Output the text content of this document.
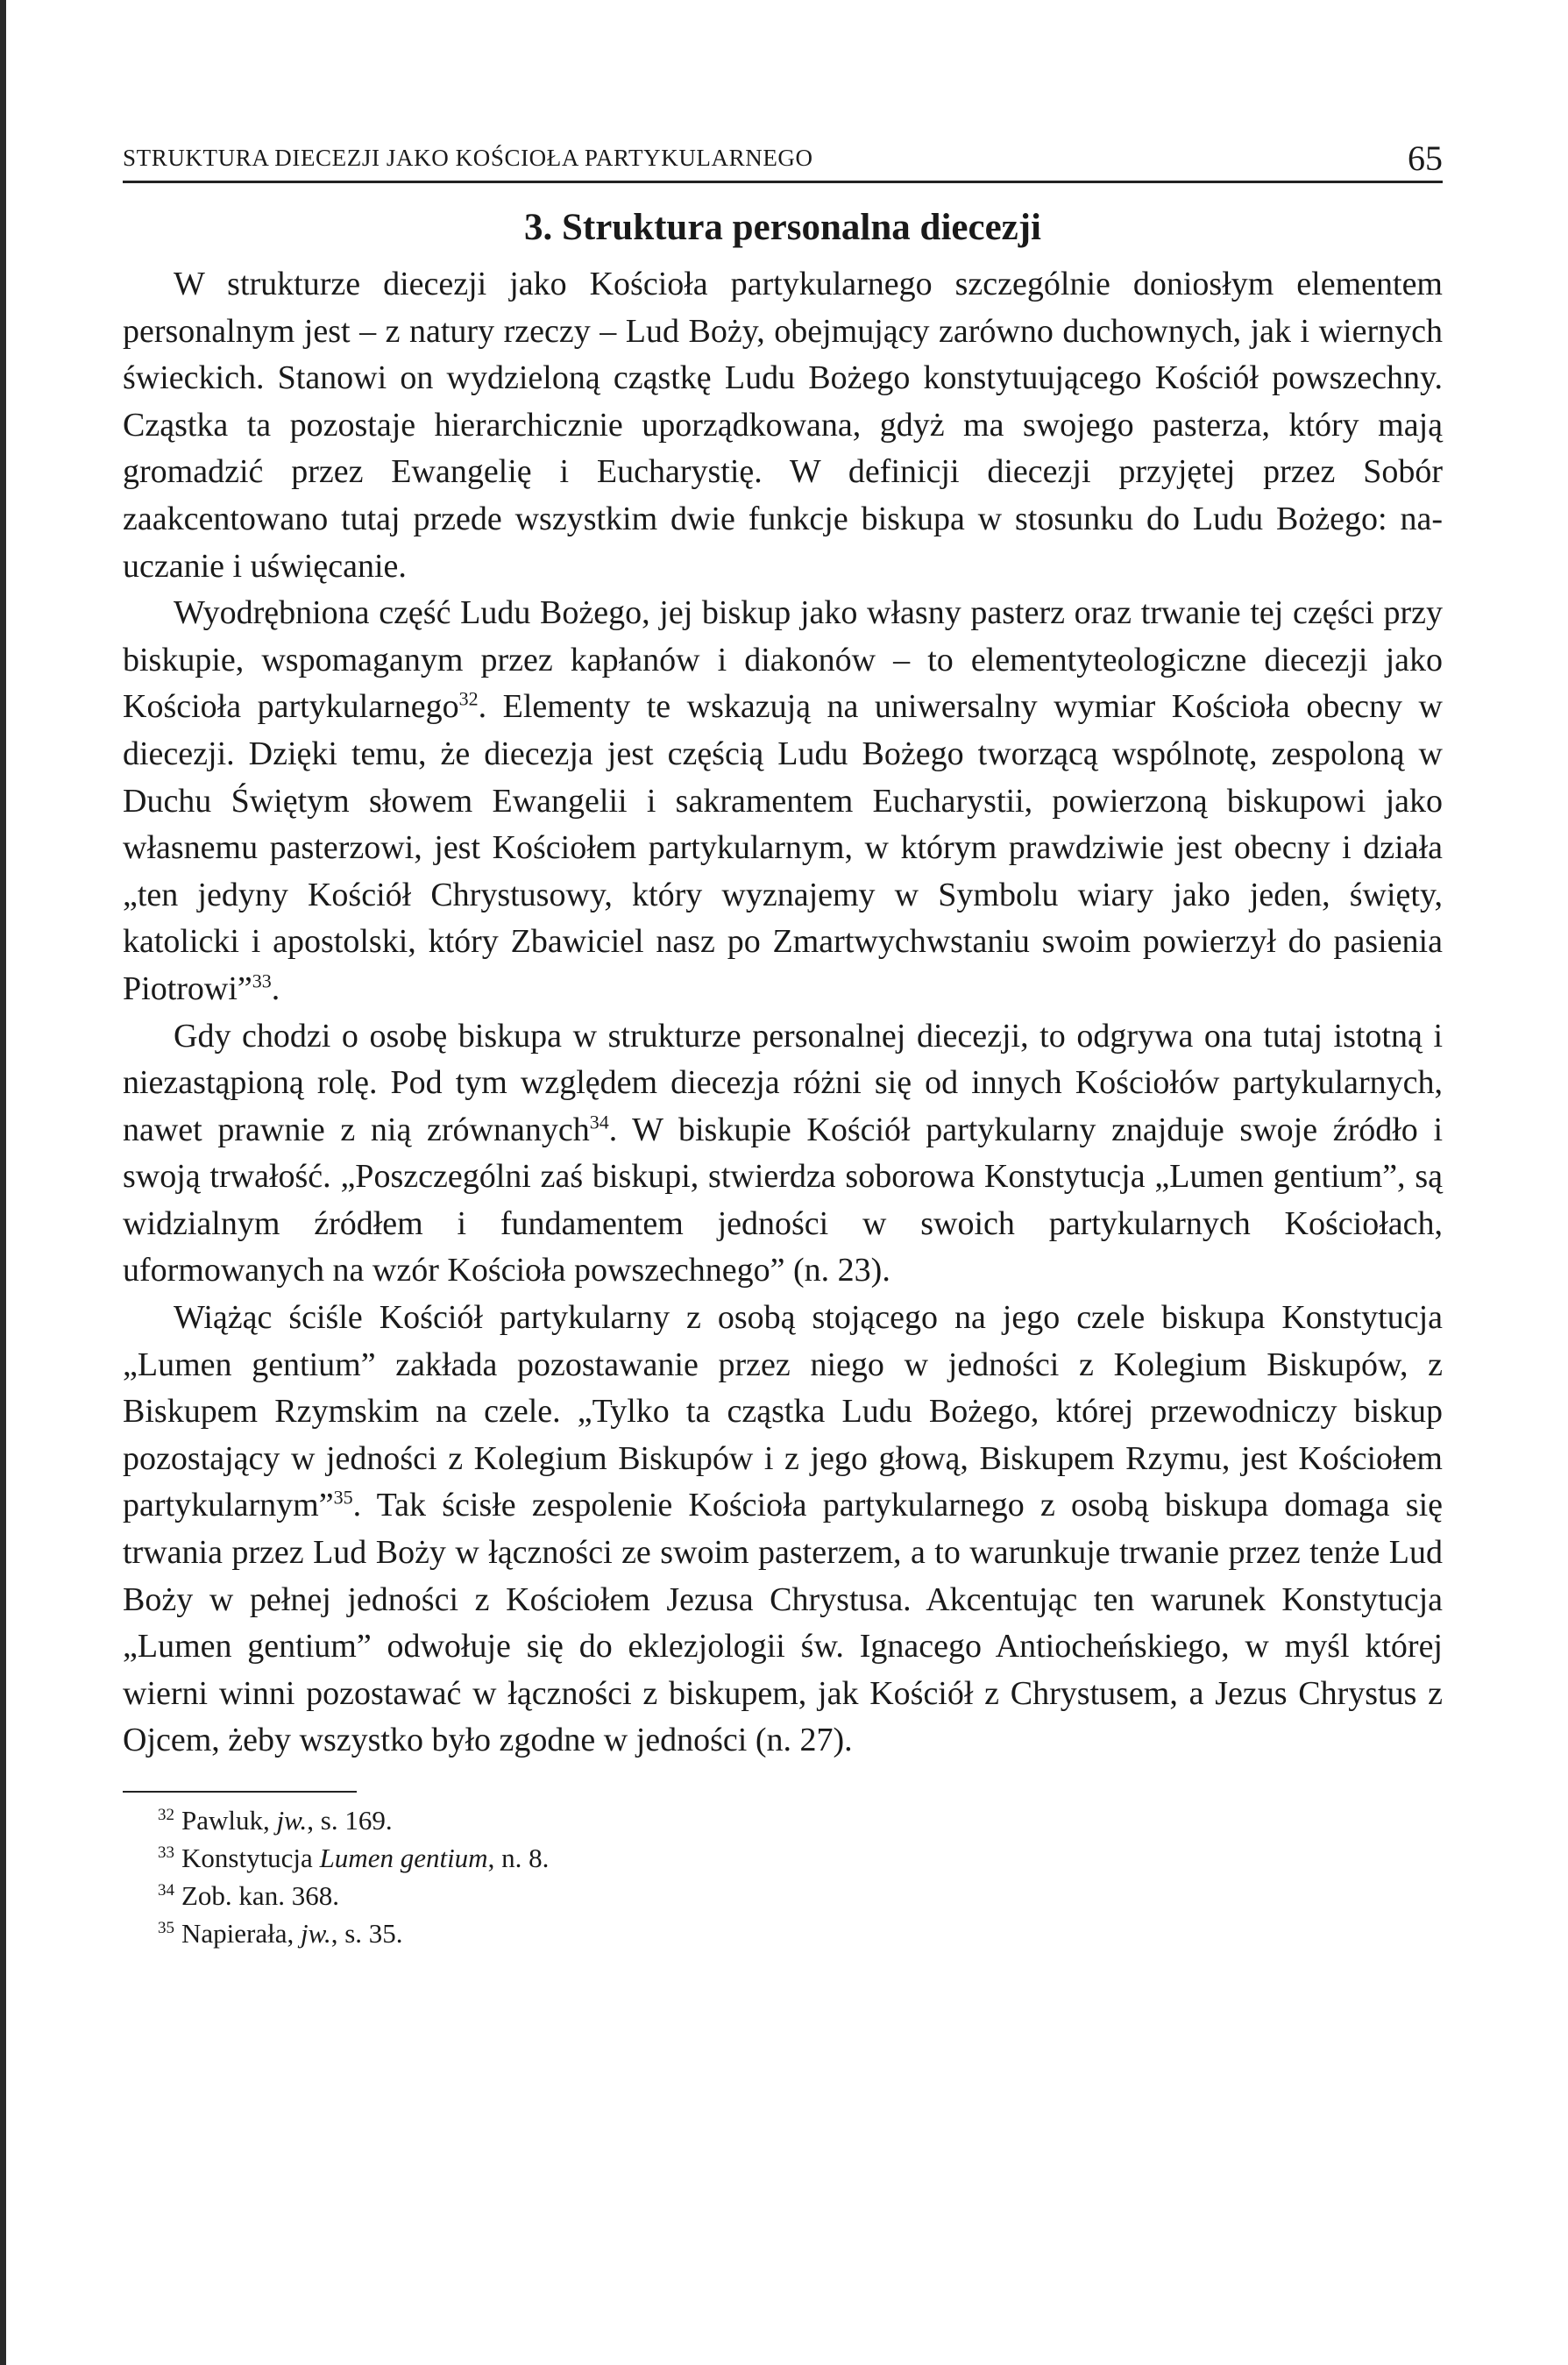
STRUKTURA DIECEZJI JAKO KOŚCIOŁA PARTYKULARNEGO	65
3. Struktura personalna diecezji

W strukturze diecezji jako Kościoła partykularnego szczególnie doniosłym elementem personalnym jest – z natury rzeczy – Lud Boży, obejmujący zarówno duchownych, jak i wiernych świeckich. Stanowi on wydzieloną cząstkę Ludu Bożego konstytuującego Kościół powszechny. Cząstka ta pozostaje hierarchicznie uporządkowana, gdyż ma swojego pasterza, który mają gromadzić przez Ewangelię i Eucharystię. W definicji diecezji przyjętej przez Sobór zaakcentowano tutaj przede wszystkim dwie funkcje biskupa w stosunku do Ludu Bożego: nauczanie i uświęcanie.

Wyodrębniona część Ludu Bożego, jej biskup jako własny pasterz oraz trwanie tej części przy biskupie, wspomaganym przez kapłanów i diakonów – to elementyteologiczne diecezji jako Kościoła partykularnego$^{32}$. Elementy te wskazują na uniwersalny wymiar Kościoła obecny w diecezji. Dzięki temu, że diecezja jest częścią Ludu Bożego tworzącą wspólnotę, zespoloną w Duchu Świętym słowem Ewangelii i sakramentem Eucharystii, powierzoną biskupowi jako własnemu pasterzowi, jest Kościołem partykularnym, w którym prawdziwie jest obecny i działa „ten jedyny Kościół Chrystusowy, który wyznajemy w Symbolu wiary jako jeden, święty, katolicki i apostolski, który Zbawiciel nasz po Zmartwychwstaniu swoim powierzył do pasienia Piotrowi”$^{33}$.

Gdy chodzi o osobę biskupa w strukturze personalnej diecezji, to odgrywa ona tutaj istotną i niezastąpioną rolę. Pod tym względem diecezja różni się od innych Kościołów partykularnych, nawet prawnie z nią zrównanych$^{34}$. W biskupie Kościół partykularny znajduje swoje źródło i swoją trwałość. „Poszczególni zaś biskupi, stwierdza soborowa Konstytucja „Lumen gentium”, są widzialnym źródłem i fundamentem jedności w swoich partykularnych Kościołach, uformowanych na wzór Kościoła powszechnego” (n. 23).

Wiążąc ściśle Kościół partykularny z osobą stojącego na jego czele biskupa Konstytucja „Lumen gentium” zakłada pozostawanie przez niego w jedności z Kolegium Biskupów, z Biskupem Rzymskim na czele. „Tylko ta cząstka Ludu Bożego, której przewodniczy biskup pozostający w jedności z Kolegium Biskupów i z jego głową, Biskupem Rzymu, jest Kościołem partykularnym”$^{35}$. Tak ścisłe zespolenie Kościoła partykularnego z osobą biskupa domaga się trwania przez Lud Boży w łączności ze swoim pasterzem, a to warunkuje trwanie przez tenże Lud Boży w pełnej jedności z Kościołem Jezusa Chrystusa. Akcentując ten warunek Konstytucja „Lumen gentium” odwołuje się do eklezjologii św. Ignacego Antiocheńskiego, w myśl której wierni winni pozostawać w łączności z biskupem, jak Kościół z Chrystusem, a Jezus Chrystus z Ojcem, żeby wszystko było zgodne w jedności (n. 27).

$^{32}$ Pawluk, jw., s. 169.
$^{33}$ Konstytucja Lumen gentium, n. 8.
$^{34}$ Zob. kan. 368.
$^{35}$ Napierała, jw., s. 35.
